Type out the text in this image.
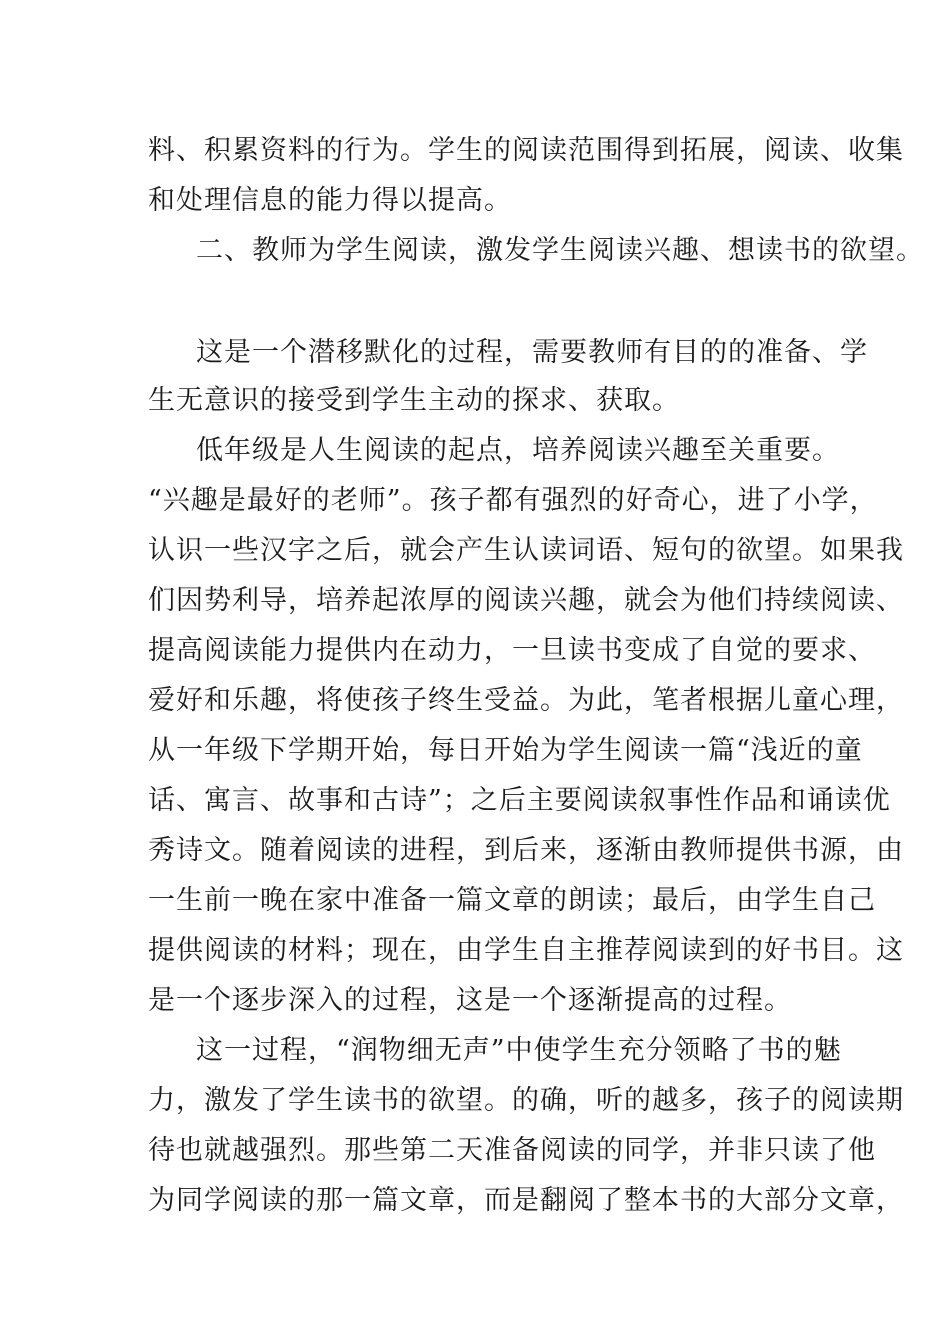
料、积累资料的行为。学生的阅读范围得到拓展，阅读、收集
和处理信息的能力得以提高。
二、教师为学生阅读，激发学生阅读兴趣、想读书的欲望。
这是一个潜移默化的过程，需要教师有目的的准备、学
生无意识的接受到学生主动的探求、获取。
低年级是人生阅读的起点，培养阅读兴趣至关重要。
“兴趣是最好的老师”。孩子都有强烈的好奇心，进了小学，
认识一些汉字之后，就会产生认读词语、短句的欲望。如果我
们因势利导，培养起浓厚的阅读兴趣，就会为他们持续阅读、
提高阅读能力提供内在动力，一旦读书变成了自觉的要求、
爱好和乐趣，将使孩子终生受益。为此，笔者根据儿童心理，
从一年级下学期开始，每日开始为学生阅读一篇“浅近的童
话、寓言、故事和古诗”；之后主要阅读叙事性作品和诵读优
秀诗文。随着阅读的进程，到后来，逐渐由教师提供书源，由
一生前一晚在家中准备一篇文章的朗读；最后，由学生自己
提供阅读的材料；现在，由学生自主推荐阅读到的好书目。这
是一个逐步深入的过程，这是一个逐渐提高的过程。
这一过程，“润物细无声”中使学生充分领略了书的魅
力，激发了学生读书的欲望。的确，听的越多，孩子的阅读期
待也就越强烈。那些第二天准备阅读的同学，并非只读了他
为同学阅读的那一篇文章，而是翻阅了整本书的大部分文章，
